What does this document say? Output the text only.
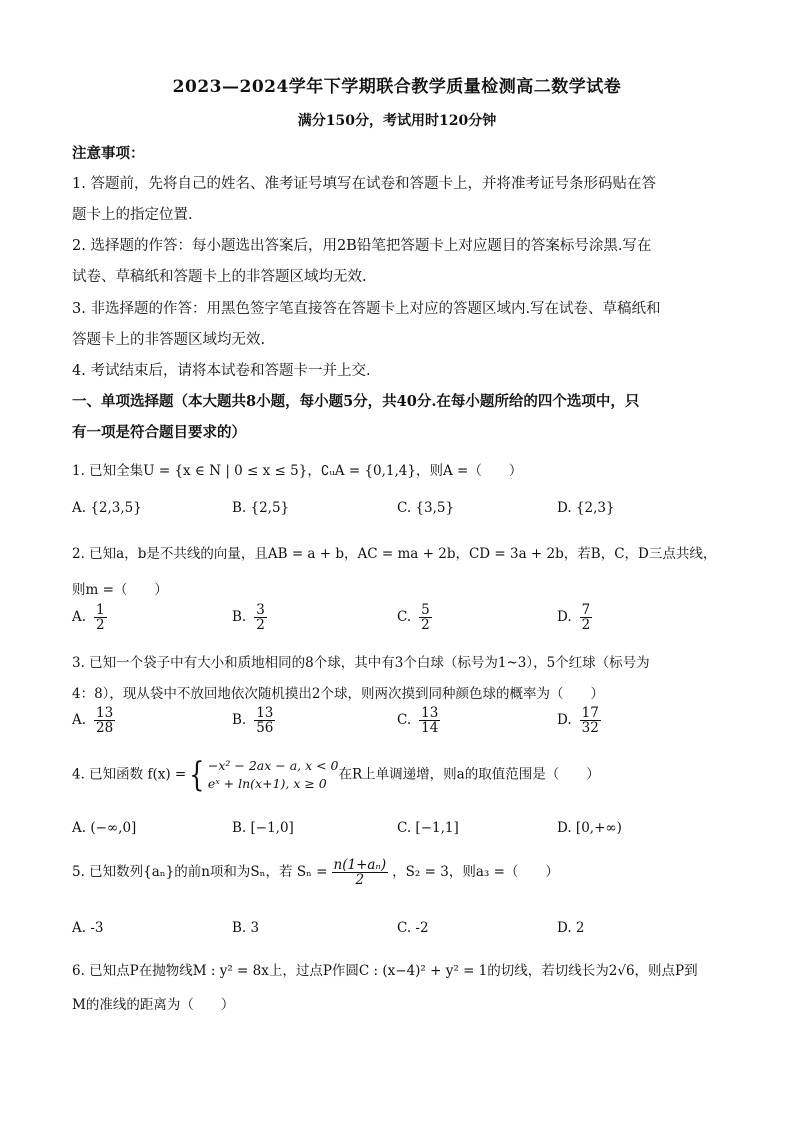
2023—2024学年下学期联合教学质量检测高二数学试卷
满分150分，考试用时120分钟
注意事项：
1. 答题前，先将自己的姓名、准考证号填写在试卷和答题卡上，并将准考证号条形码贴在答
题卡上的指定位置.
2. 选择题的作答：每小题选出答案后，用2B铅笔把答题卡上对应题目的答案标号涂黑.写在
试卷、草稿纸和答题卡上的非答题区域均无效.
3. 非选择题的作答：用黑色签字笔直接答在答题卡上对应的答题区域内.写在试卷、草稿纸和
答题卡上的非答题区域均无效.
4. 考试结束后，请将本试卷和答题卡一并上交.
一、单项选择题（本大题共8小题，每小题5分，共40分.在每小题所给的四个选项中，只
有一项是符合题目要求的）
1. 已知全集U = {x ∈ N | 0 ≤ x ≤ 5}，∁ᵤA = {0,1,4}，则A =（　　）
A. {2,3,5}	B. {2,5}	C. {3,5}	D. {2,3}
2. 已知a，b是不共线的向量，且AB = a + b，AC = ma + 2b，CD = 3a + 2b，若B，C，D三点共线，
则m =（　　）
A. $\frac{1}{2}$	B. $\frac{3}{2}$	C. $\frac{5}{2}$	D. $\frac{7}{2}$
3. 已知一个袋子中有大小和质地相同的8个球，其中有3个白球（标号为1~3），5个红球（标号为
4：8），现从袋中不放回地依次随机摸出2个球，则两次摸到同种颜色球的概率为（　　）
A. $\frac{13}{28}$	B. $\frac{13}{56}$	C. $\frac{13}{14}$	D. $\frac{17}{32}$
4. 已知函数 f(x) ={ −x² − 2ax − a, x < 0
eˣ + ln(x+1), x ≥ 0
在R上单调递增，则a的取值范围是（　　）
A. (−∞,0]	B. [−1,0]	C. [−1,1]	D. [0,+∞)
5. 已知数列{aₙ}的前n项和为Sₙ，若 $S_n = \frac{\text{n(1+aₙ)}}{2}$ ，S₂ = 3，则a₃ =（　　）
A. -3	B. 3	C. -2	D. 2
6. 已知点P在抛物线M : y² = 8x上，过点P作圆C : (x−4)² + y² = 1的切线，若切线长为2√6，则点P到
M的准线的距离为（　　）
